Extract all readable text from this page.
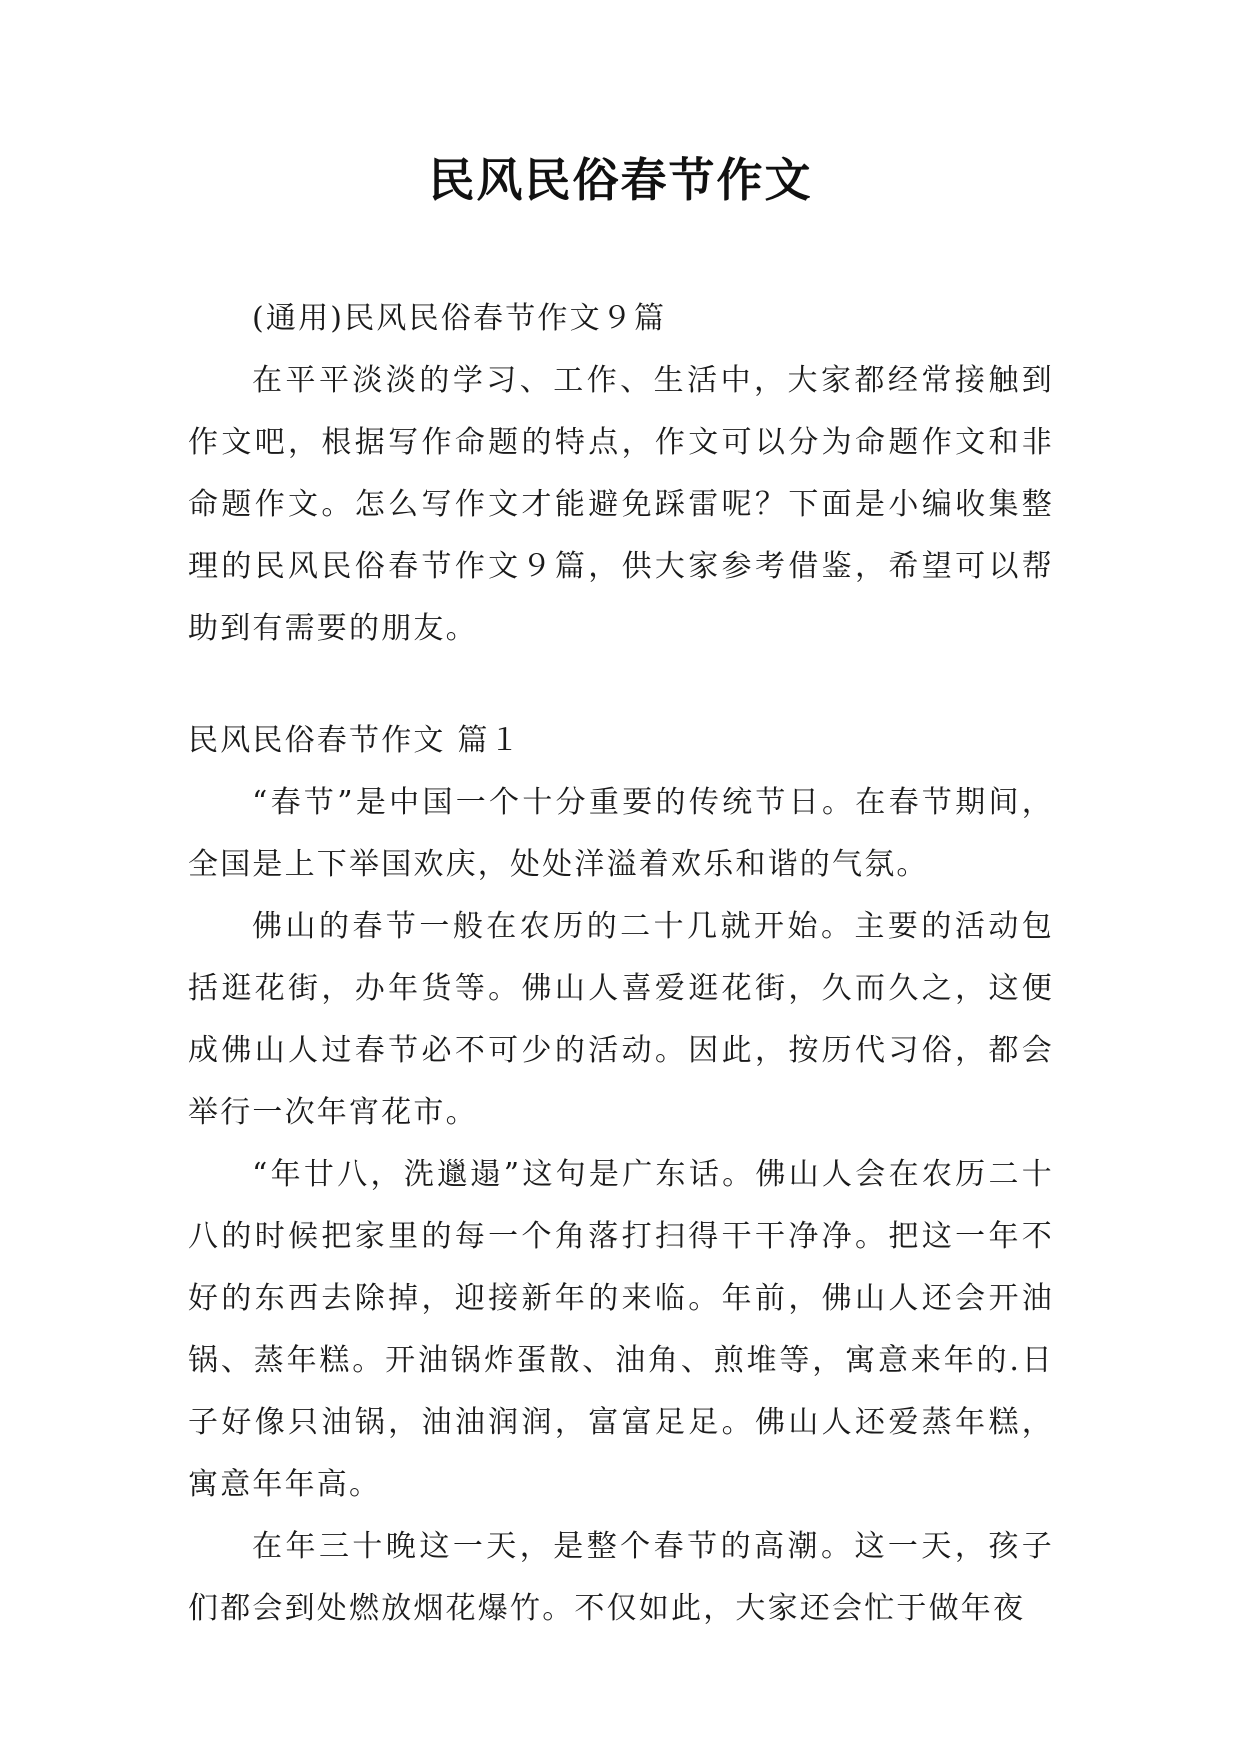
民风民俗春节作文

(通用)民风民俗春节作文９篇

在平平淡淡的学习、工作、生活中，大家都经常接触到作文吧，根据写作命题的特点，作文可以分为命题作文和非命题作文。怎么写作文才能避免踩雷呢？下面是小编收集整理的民风民俗春节作文９篇，供大家参考借鉴，希望可以帮助到有需要的朋友。

民风民俗春节作文 篇１

“春节”是中国一个十分重要的传统节日。在春节期间，全国是上下举国欢庆，处处洋溢着欢乐和谐的气氛。

佛山的春节一般在农历的二十几就开始。主要的活动包括逛花街，办年货等。佛山人喜爱逛花街，久而久之，这便成佛山人过春节必不可少的活动。因此，按历代习俗，都会举行一次年宵花市。

“年廿八，洗邋遢”这句是广东话。佛山人会在农历二十八的时候把家里的每一个角落打扫得干干净净。把这一年不好的东西去除掉，迎接新年的来临。年前，佛山人还会开油锅、蒸年糕。开油锅炸蛋散、油角、煎堆等，寓意来年的.日子好像只油锅，油油润润，富富足足。佛山人还爱蒸年糕，寓意年年高。

在年三十晚这一天，是整个春节的高潮。这一天，孩子们都会到处燃放烟花爆竹。不仅如此，大家还会忙于做年夜
